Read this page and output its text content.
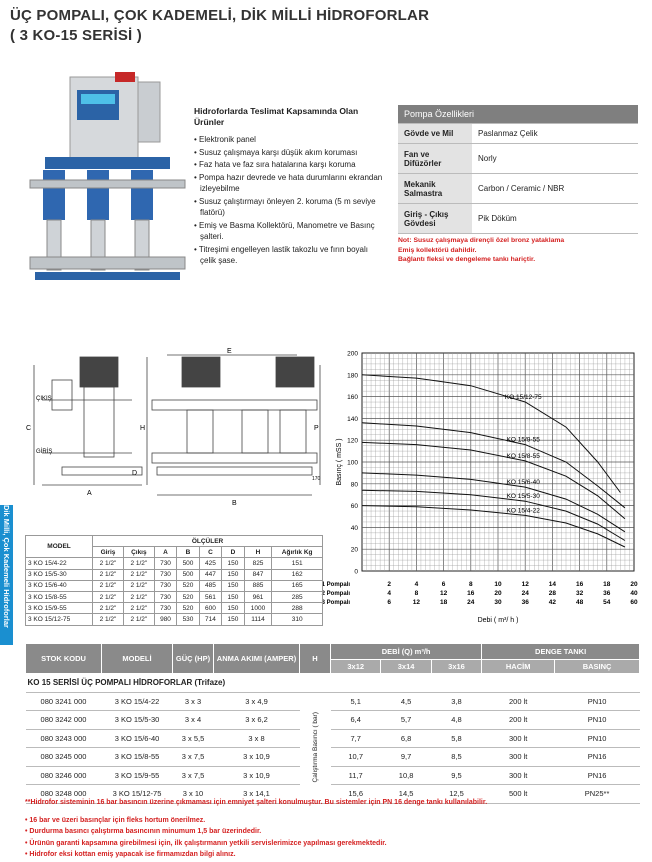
ÜÇ POMPALI, ÇOK KADEMELİ, DİK MİLLİ HİDROFORLAR
( 3 KO-15 SERİSİ )
Dik Milli, Çok Kademeli Hidroforlar
Hidroforlarda Teslimat Kapsamında Olan Ürünler
• Elektronik panel
• Susuz çalışmaya karşı düşük akım koruması
• Faz hata ve faz sıra hatalarına karşı koruma
• Pompa hazır devrede ve hata durumlarını ekrandan izleyebilme
• Susuz çalıştırmayı önleyen 2. koruma (5 m seviye flatörü)
• Emiş ve Basma Kollektörü, Manometre ve Basınç şalteri.
• Titreşimi engelleyen lastik takozlu ve fırın boyalı çelik şase.
Pompa Özellikleri	
Gövde ve Mil	Paslanmaz Çelik
Fan ve Difüzörler	Norly
Mekanik Salmastra	Carbon / Ceramic / NBR
Giriş - Çıkış Gövdesi	Pik Döküm
Not: Susuz çalışmaya dirençli özel bronz yataklama
Emiş kollektörü dahildir.
Bağlantı fleksi ve dengeleme tankı hariçtir.
ÇIKIŞ
GİRİŞ
A
B
C
D
E
H	P
170
0
20
40
60
80
100
120
140
160
180
200
Basınç ( mSS )
KO 15/12-75
KO 15/9-55
KO 15/8-55
KO 15/6-40
KO 15/5-30
KO 15/4-22
1 Pompalı	2	4	6	8	10	12	14	16	18	20
2 Pompalı	4	8	12	16	20	24	28	32	36	40
3 Pompalı	6	12	18	24	30	36	42	48	54	60
Debi ( m³/ h )
MODEL	ÖLÇÜLER							
	Giriş	Çıkış	A	B	C	D	H	Ağırlık Kg
3 KO 15/4-22	2 1/2"	2 1/2"	730	500	425	150	825	151
3 KO 15/5-30	2 1/2"	2 1/2"	730	500	447	150	847	162
3 KO 15/6-40	2 1/2"	2 1/2"	730	520	485	150	885	165
3 KO 15/8-55	2 1/2"	2 1/2"	730	520	561	150	961	285
3 KO 15/9-55	2 1/2"	2 1/2"	730	520	600	150	1000	288
3 KO 15/12-75	2 1/2"	2 1/2"	980	530	714	150	1114	310
STOK KODU	MODELİ	GÜÇ (HP)	ANMA AKIMI (AMPER)	H	DEBİ (Q) m³/h			DENGE TANKI	
					3x12	3x14	3x16	HACİM	BASINÇ
KO 15 SERİSİ ÜÇ POMPALI HİDROFORLAR (Trifaze)									
080 3241 000	3 KO 15/4-22	3 x 3	3 x 4,9	Çalıştırma Basıncı ( bar)	5,1	4,5	3,8	200 lt	PN10
080 3242 000	3 KO 15/5-30	3 x 4	3 x 6,2		6,4	5,7	4,8	200 lt	PN10
080 3243 000	3 KO 15/6-40	3 x 5,5	3 x 8		7,7	6,8	5,8	300 lt	PN10
080 3245 000	3 KO 15/8-55	3 x 7,5	3 x 10,9		10,7	9,7	8,5	300 lt	PN16
080 3246 000	3 KO 15/9-55	3 x 7,5	3 x 10,9		11,7	10,8	9,5	300 lt	PN16
080 3248 000	3 KO 15/12-75	3 x 10	3 x 14,1		15,6	14,5	12,5	500 lt	PN25**
**Hidrofor sisteminin 16 bar basıncın üzerine çıkmaması için emniyet şalteri konulmuştur. Bu sistemler için PN 16 denge tankı kullanılabilir.
• 16 bar ve üzeri basınçlar için fleks hortum önerilmez.
• Durdurma basıncı çalıştırma basıncının minumum 1,5 bar üzerindedir.
• Ürünün garanti kapsamına girebilmesi için, ilk çalıştırmanın yetkili servislerimizce yapılması gerekmektedir.
• Hidrofor eksi kottan emiş yapacak ise firmamızdan bilgi alınız.
